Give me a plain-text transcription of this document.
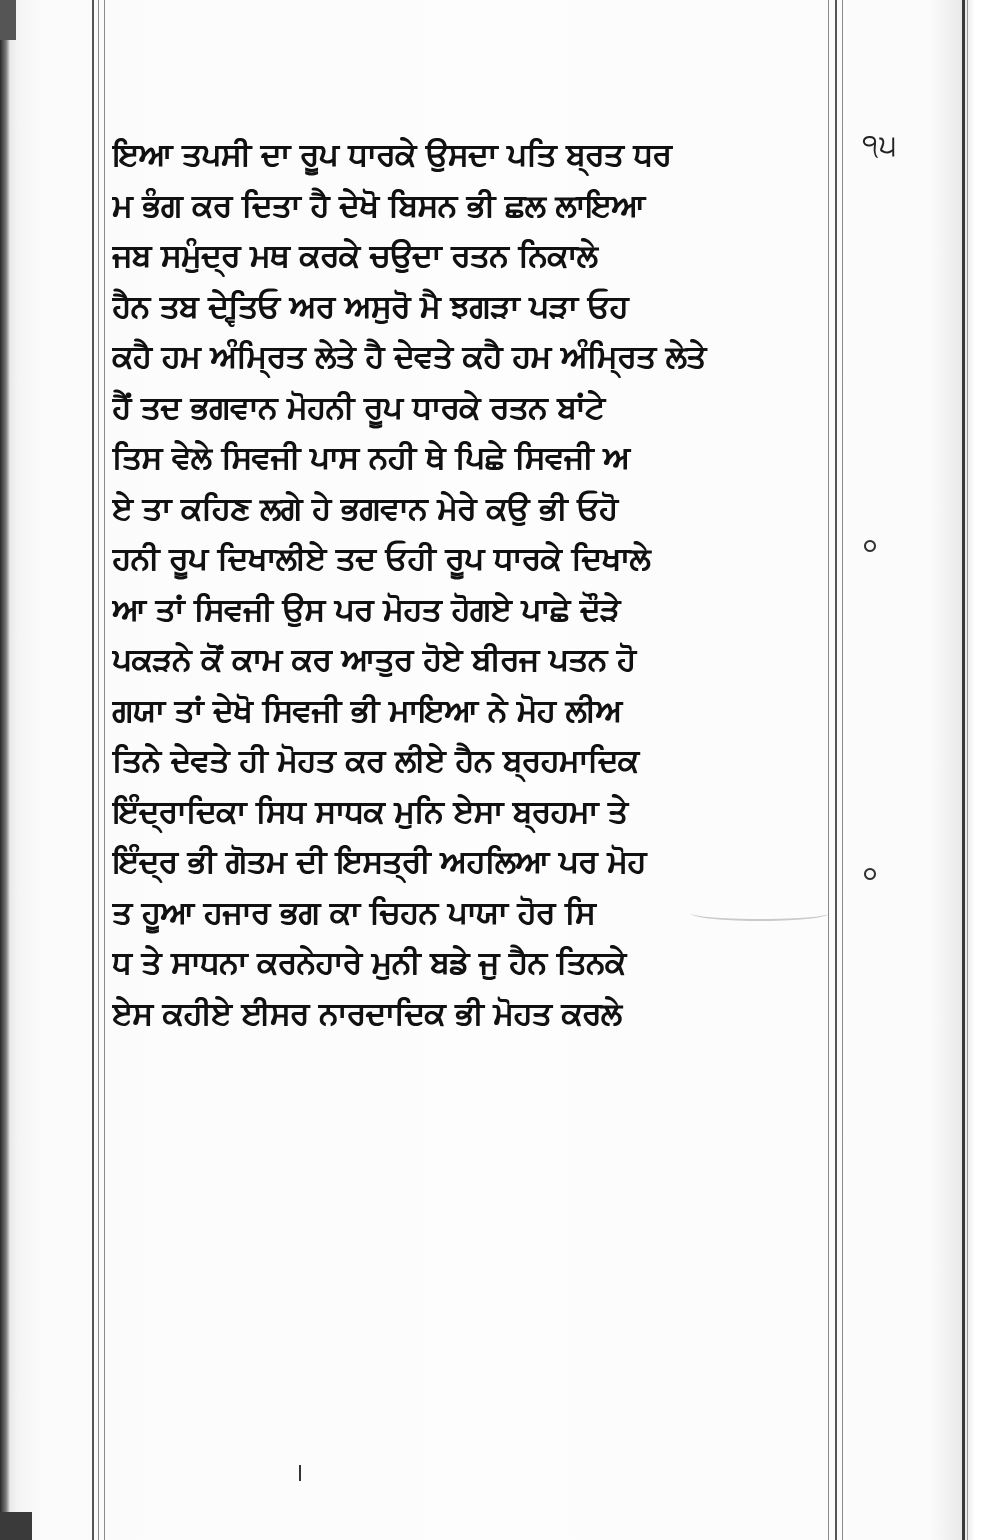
੧੫
ਇਆ ਤਪਸੀ ਦਾ ਰੂਪ ਧਾਰਕੇ ਉਸਦਾ ਪਤਿ ਬ੍ਰਤ ਧਰ
ਮ ਭੰਗ ਕਰ ਦਿਤਾ ਹੈ ਦੇਖੋ ਬਿਸਨ ਭੀ ਛਲ ਲਾਇਆ
ਜਬ ਸਮੁੰਦ੍ਰ ਮਥ ਕਰਕੇ ਚਉਦਾ ਰਤਨ ਨਿਕਾਲੇ
ਹੈਨ ਤਬ ਦੇਵ੍ਤਿਓ ਅਰ ਅਸੁਰੋ ਮੈ ਝਗੜਾ ਪੜਾ ਓਹ
ਕਹੈ ਹਮ ਅੰਮ੍ਰਿਤ ਲੇਤੇ ਹੈ ਦੇਵਤੇ ਕਹੈ ਹਮ ਅੰਮ੍ਰਿਤ ਲੇਤੇ
ਹੈਂ ਤਦ ਭਗਵਾਨ ਮੋਹਨੀ ਰੂਪ ਧਾਰਕੇ ਰਤਨ ਬਾਂਟੇ
ਤਿਸ ਵੇਲੇ ਸਿਵਜੀ ਪਾਸ ਨਹੀ ਥੇ ਪਿਛੇ ਸਿਵਜੀ ਅ
ਏ ਤਾ ਕਹਿਣ ਲਗੇ ਹੇ ਭਗਵਾਨ ਮੇਰੇ ਕਉ ਭੀ ਓਹੋ
ਹਨੀ ਰੂਪ ਦਿਖਾਲੀਏ ਤਦ ਓਹੀ ਰੂਪ ਧਾਰਕੇ ਦਿਖਾਲੇ
ਆ ਤਾਂ ਸਿਵਜੀ ਉਸ ਪਰ ਮੋਹਤ ਹੋਗਏ ਪਾਛੇ ਦੌੜੇ
ਪਕੜਨੇ ਕੋਂ ਕਾਮ ਕਰ ਆਤੁਰ ਹੋਏ ਬੀਰਜ ਪਤਨ ਹੋ
ਗਯਾ ਤਾਂ ਦੇਖੋ ਸਿਵਜੀ ਭੀ ਮਾਇਆ ਨੇ ਮੋਹ ਲੀਅ
ਤਿਨੇ ਦੇਵਤੇ ਹੀ ਮੋਹਤ ਕਰ ਲੀਏ ਹੈਨ ਬ੍ਰਹਮਾਦਿਕ
ਇੰਦ੍ਰਾਦਿਕਾ ਸਿਧ ਸਾਧਕ ਮੁਨਿ ਏਸਾ ਬ੍ਰਹਮਾ ਤੇ
ਇੰਦ੍ਰ ਭੀ ਗੋਤਮ ਦੀ ਇਸਤ੍ਰੀ ਅਹਲਿਆ ਪਰ ਮੋਹ
ਤ ਹੂਆ ਹਜਾਰ ਭਗ ਕਾ ਚਿਹਨ ਪਾਯਾ ਹੋਰ ਸਿ
ਧ ਤੇ ਸਾਧਨਾ ਕਰਨੇਹਾਰੇ ਮੁਨੀ ਬਡੇ ਜੁ ਹੈਨ ਤਿਨਕੇ
ਏਸ ਕਹੀਏ ਈਸਰ ਨਾਰਦਾਦਿਕ ਭੀ ਮੋਹਤ ਕਰਲੇ
